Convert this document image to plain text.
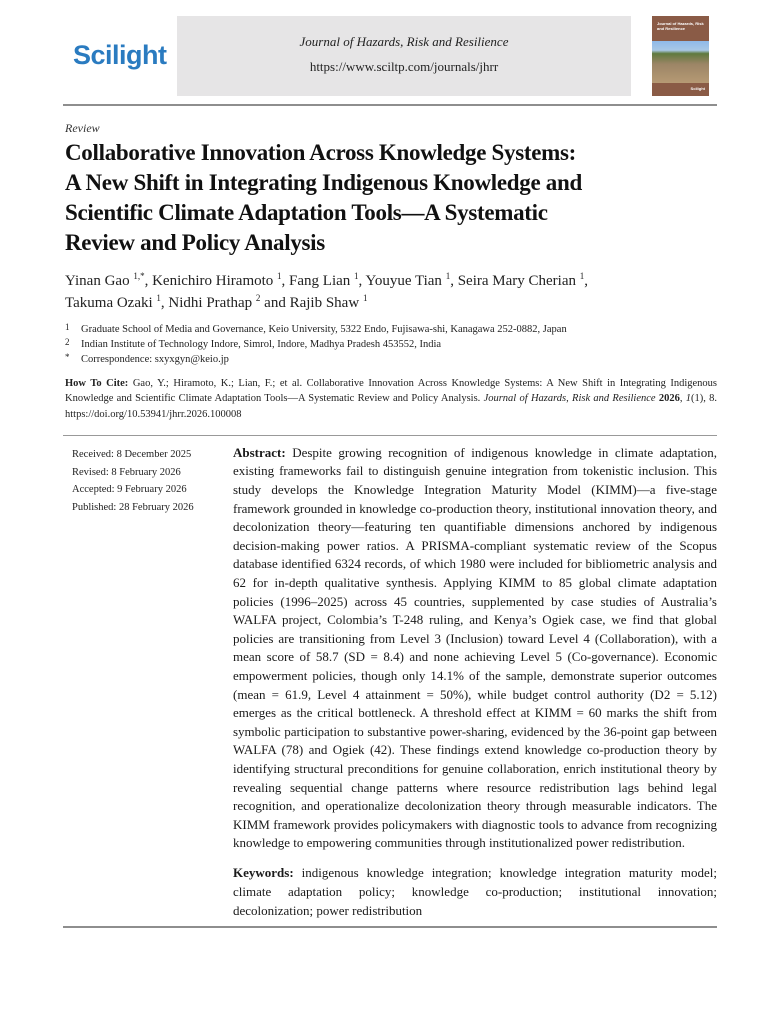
Scilight	Journal of Hazards, Risk and Resilience
https://www.sciltp.com/journals/jhrr
Journal of Hazards, Risk and Resilience
Scilight
Review
Collaborative Innovation Across Knowledge Systems:
A New Shift in Integrating Indigenous Knowledge and
Scientific Climate Adaptation Tools—A Systematic
Review and Policy Analysis
Yinan Gao $^{1,*}$, Kenichiro Hiramoto $^1$, Fang Lian $^1$, Youyue Tian $^1$, Seira Mary Cherian $^1$,
Takuma Ozaki $^1$, Nidhi Prathap $^2$ and Rajib Shaw $^1$
1 Graduate School of Media and Governance, Keio University, 5322 Endo, Fujisawa-shi, Kanagawa 252-0882, Japan
2 Indian Institute of Technology Indore, Simrol, Indore, Madhya Pradesh 453552, India
* Correspondence: sxyxgyn@keio.jp
How To Cite: Gao, Y.; Hiramoto, K.; Lian, F.; et al. Collaborative Innovation Across Knowledge Systems: A New Shift in Integrating Indigenous Knowledge and Scientific Climate Adaptation Tools—A Systematic Review and Policy Analysis. Journal of Hazards, Risk and Resilience 2026, 1(1), 8. https://doi.org/10.53941/jhrr.2026.100008
Received: 8 December 2025
Revised: 8 February 2026
Accepted: 9 February 2026
Published: 28 February 2026

Abstract: Despite growing recognition of indigenous knowledge in climate adaptation, existing frameworks fail to distinguish genuine integration from tokenistic inclusion. This study develops the Knowledge Integration Maturity Model (KIMM)—a five-stage framework grounded in knowledge co-production theory, institutional innovation theory, and decolonization theory—featuring ten quantifiable dimensions anchored by indigenous decision-making power ratios. A PRISMA-compliant systematic review of the Scopus database identified 6324 records, of which 1980 were included for bibliometric analysis and 62 for in-depth qualitative synthesis. Applying KIMM to 85 global climate adaptation policies (1996–2025) across 45 countries, supplemented by case studies of Australia’s WALFA project, Colombia’s T-248 ruling, and Kenya’s Ogiek case, we find that global policies are transitioning from Level 3 (Inclusion) toward Level 4 (Collaboration), with a mean score of 58.7 (SD = 8.4) and none achieving Level 5 (Co-governance). Economic empowerment policies, though only 14.1% of the sample, demonstrate superior outcomes (mean = 61.9, Level 4 attainment = 50%), while budget control authority (D2 = 5.12) emerges as the critical bottleneck. A threshold effect at KIMM = 60 marks the shift from symbolic participation to substantive power-sharing, evidenced by the 36-point gap between WALFA (78) and Ogiek (42). These findings extend knowledge co-production theory by identifying structural preconditions for genuine collaboration, enrich institutional theory by revealing sequential change patterns where resource redistribution lags behind legal recognition, and operationalize decolonization theory through measurable indicators. The KIMM framework provides policymakers with diagnostic tools to advance from recognizing knowledge to empowering communities through institutionalized power redistribution.

Keywords: indigenous knowledge integration; knowledge integration maturity model; climate adaptation policy; knowledge co-production; institutional innovation; decolonization; power redistribution
